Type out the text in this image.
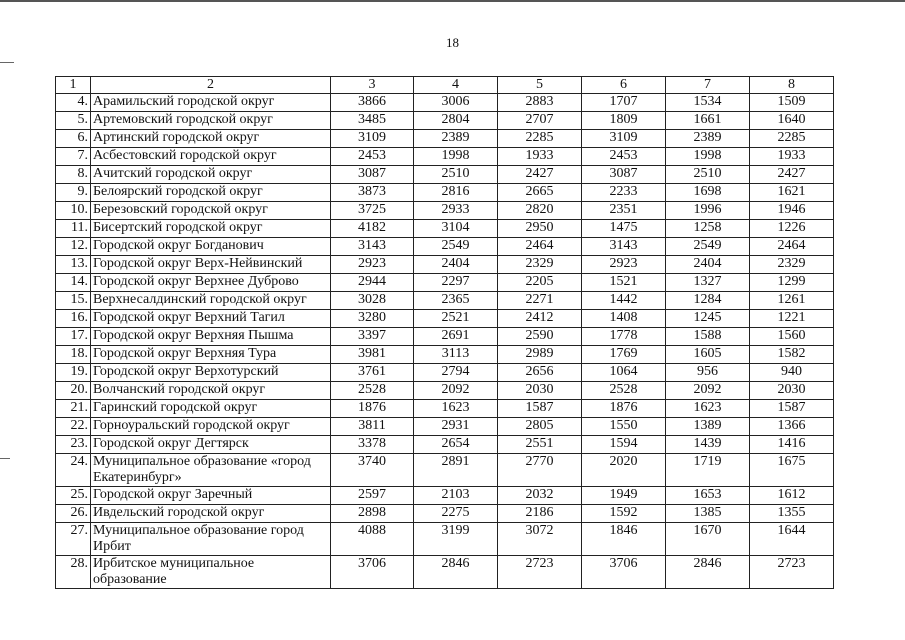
18
1	2	3	4	5	6	7	8
4.	Арамильский городской округ	3866	3006	2883	1707	1534	1509
5.	Артемовский городской округ	3485	2804	2707	1809	1661	1640
6.	Артинский городской округ	3109	2389	2285	3109	2389	2285
7.	Асбестовский городской округ	2453	1998	1933	2453	1998	1933
8.	Ачитский городской округ	3087	2510	2427	3087	2510	2427
9.	Белоярский городской округ	3873	2816	2665	2233	1698	1621
10.	Березовский городской округ	3725	2933	2820	2351	1996	1946
11.	Бисертский городской округ	4182	3104	2950	1475	1258	1226
12.	Городской округ Богданович	3143	2549	2464	3143	2549	2464
13.	Городской округ Верх-Нейвинский	2923	2404	2329	2923	2404	2329
14.	Городской округ Верхнее Дуброво	2944	2297	2205	1521	1327	1299
15.	Верхнесалдинский городской округ	3028	2365	2271	1442	1284	1261
16.	Городской округ Верхний Тагил	3280	2521	2412	1408	1245	1221
17.	Городской округ Верхняя Пышма	3397	2691	2590	1778	1588	1560
18.	Городской округ Верхняя Тура	3981	3113	2989	1769	1605	1582
19.	Городской округ Верхотурский	3761	2794	2656	1064	956	940
20.	Волчанский городской округ	2528	2092	2030	2528	2092	2030
21.	Гаринский городской округ	1876	1623	1587	1876	1623	1587
22.	Горноуральский городской округ	3811	2931	2805	1550	1389	1366
23.	Городской округ Дегтярск	3378	2654	2551	1594	1439	1416
24.	Муниципальное образование «город Екатеринбург»	3740	2891	2770	2020	1719	1675
25.	Городской округ Заречный	2597	2103	2032	1949	1653	1612
26.	Ивдельский городской округ	2898	2275	2186	1592	1385	1355
27.	Муниципальное образование город Ирбит	4088	3199	3072	1846	1670	1644
28.	Ирбитское муниципальное образование	3706	2846	2723	3706	2846	2723
